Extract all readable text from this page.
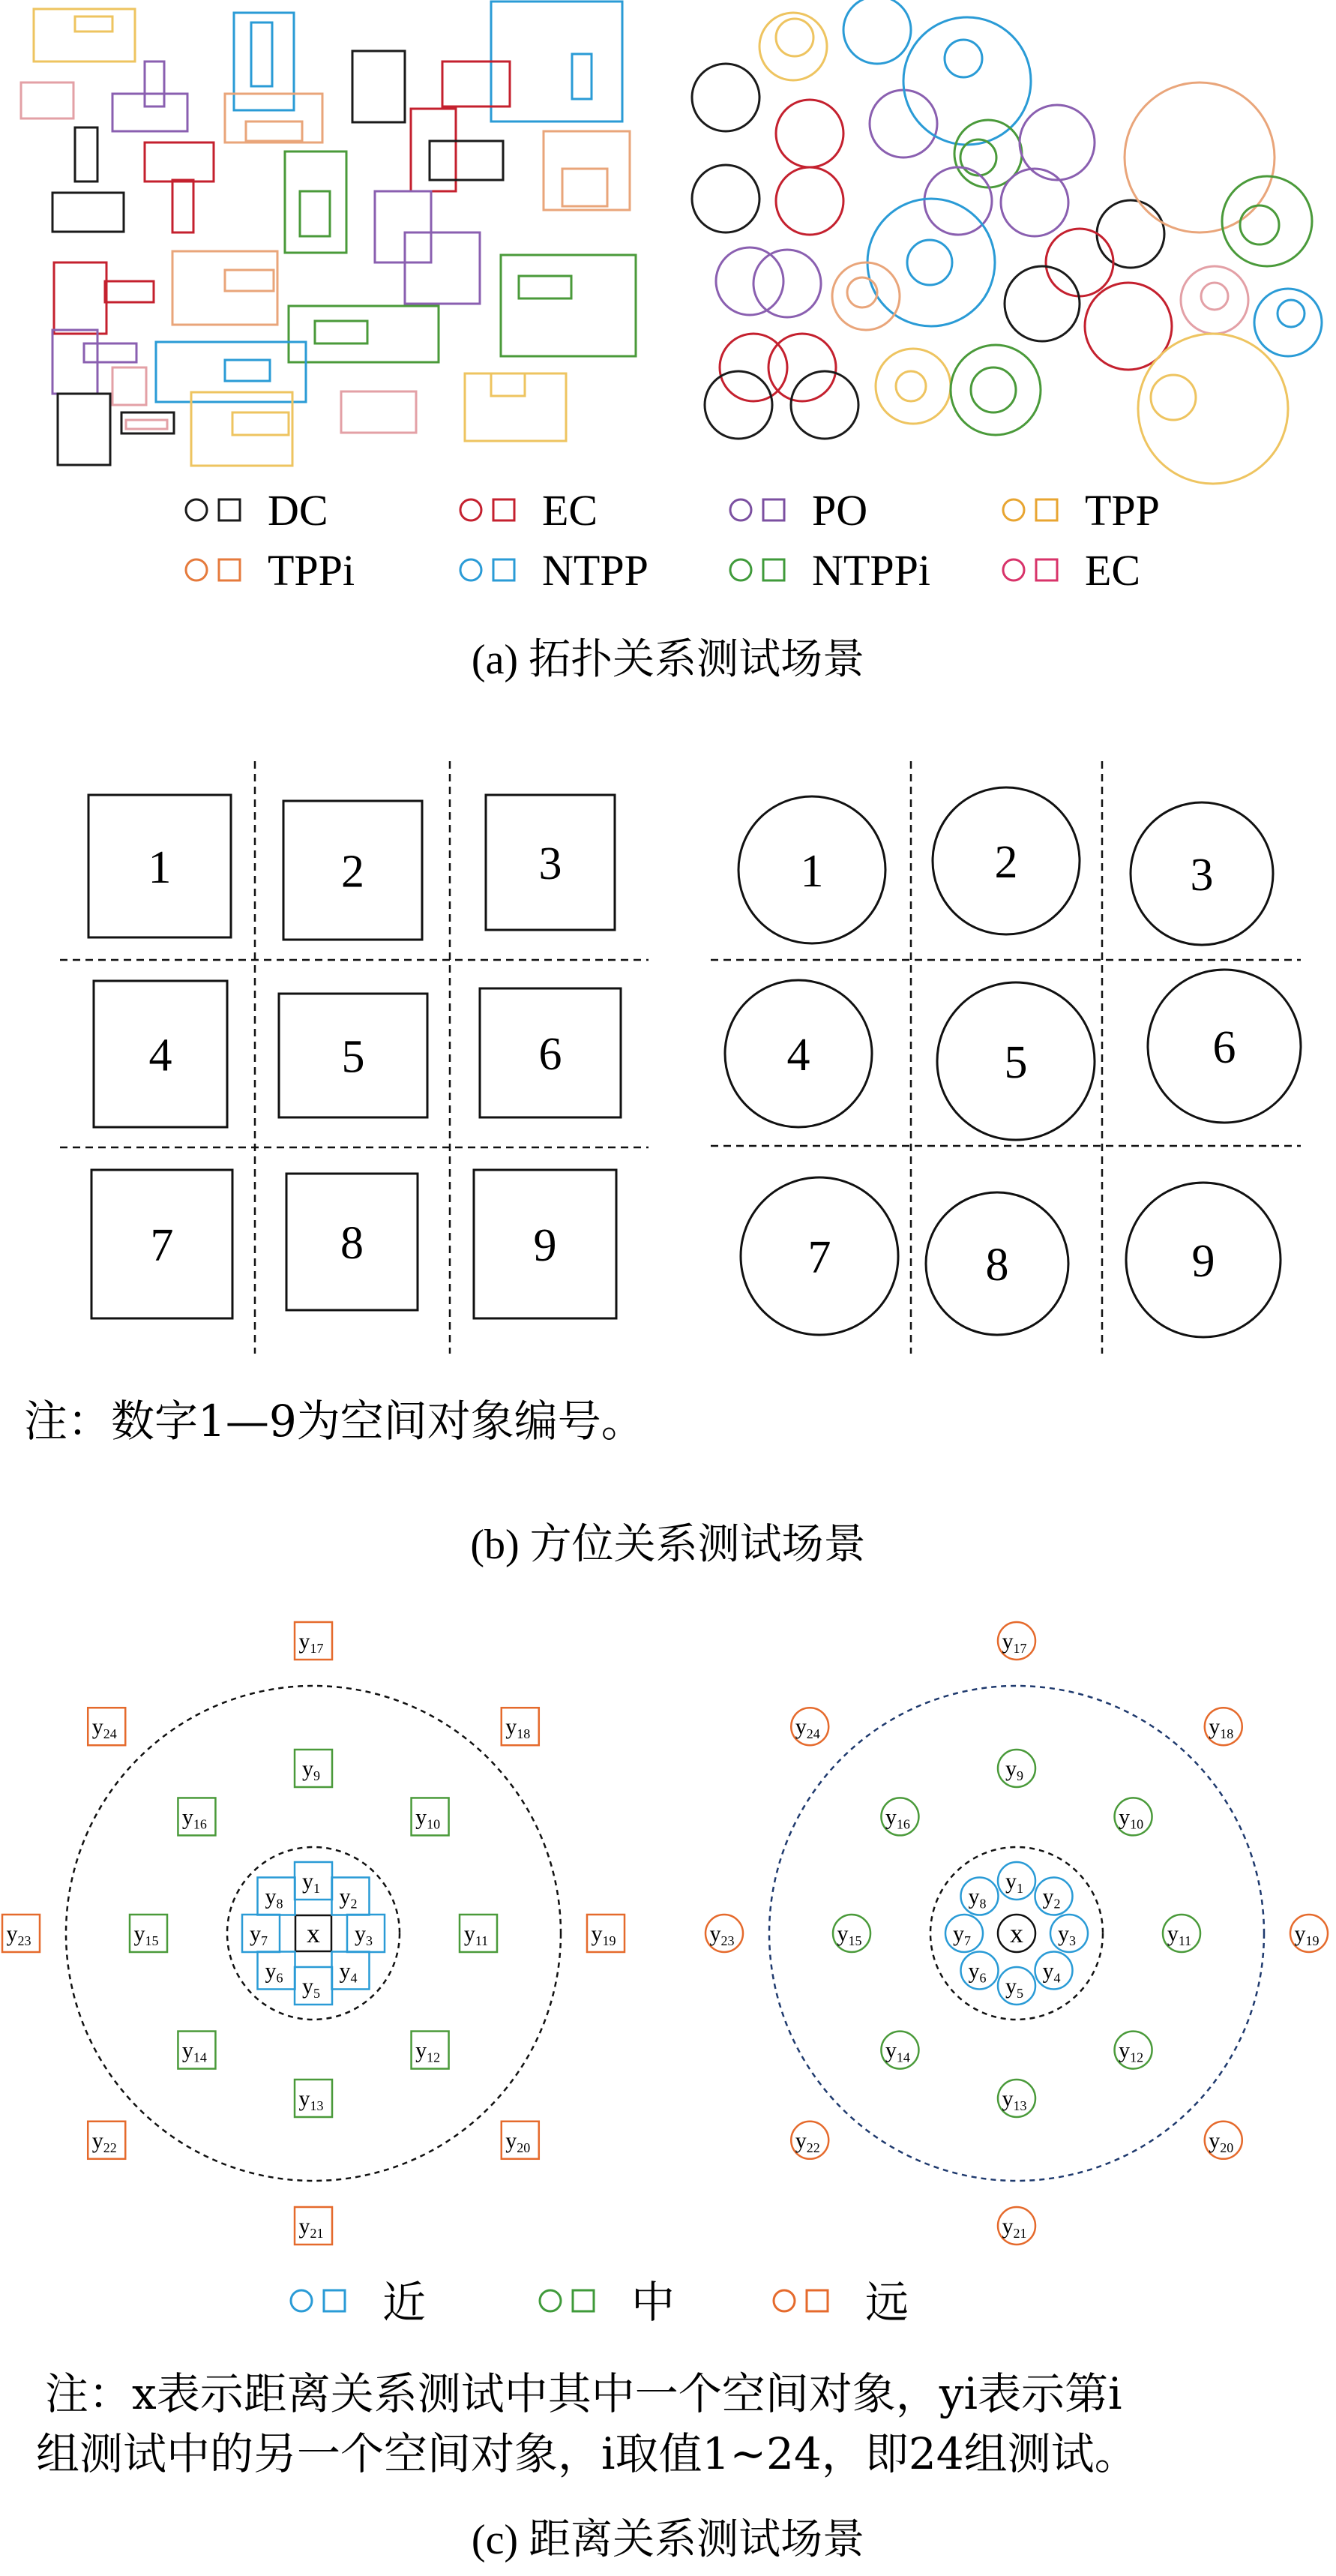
DC	EC	PO	TPP
TPPi	NTPP	NTPPi	EC
(a) 拓扑关系测试场景
1	2	3
4	5	6
7	8	9
1	2	3
4	5	6
7	8	9
注：数字1—9为空间对象编号。
(b) 方位关系测试场景
x
$y_1$ $y_2$
$y_3$
$y_4$
$y_5$
$y_6$
$y_7$
$y_8$
$y_9$
$y_{10}$
$y_{11}$
$y_{12}$
$y_{13}$
$y_{14}$
$y_{15}$
$y_{16}$
$y_{17}$
$y_{18}$
$y_{19}$
$y_{20}$
$y_{21}$
$y_{22}$
$y_{23}$
$y_{24}$
x
$y_1$ $y_2$
$y_3$
$y_4$
$y_5$
$y_6$
$y_7$
$y_8$
$y_9$
$y_{10}$
$y_{11}$
$y_{12}$
$y_{13}$
$y_{14}$
$y_{15}$
$y_{16}$
$y_{17}$
$y_{18}$
$y_{19}$
$y_{20}$
$y_{21}$
$y_{22}$
$y_{23}$
$y_{24}$
近	中	远
注：x表示距离关系测试中其中一个空间对象，yi表示第i
组测试中的另一个空间对象，i取值1~24，即24组测试。
(c) 距离关系测试场景
